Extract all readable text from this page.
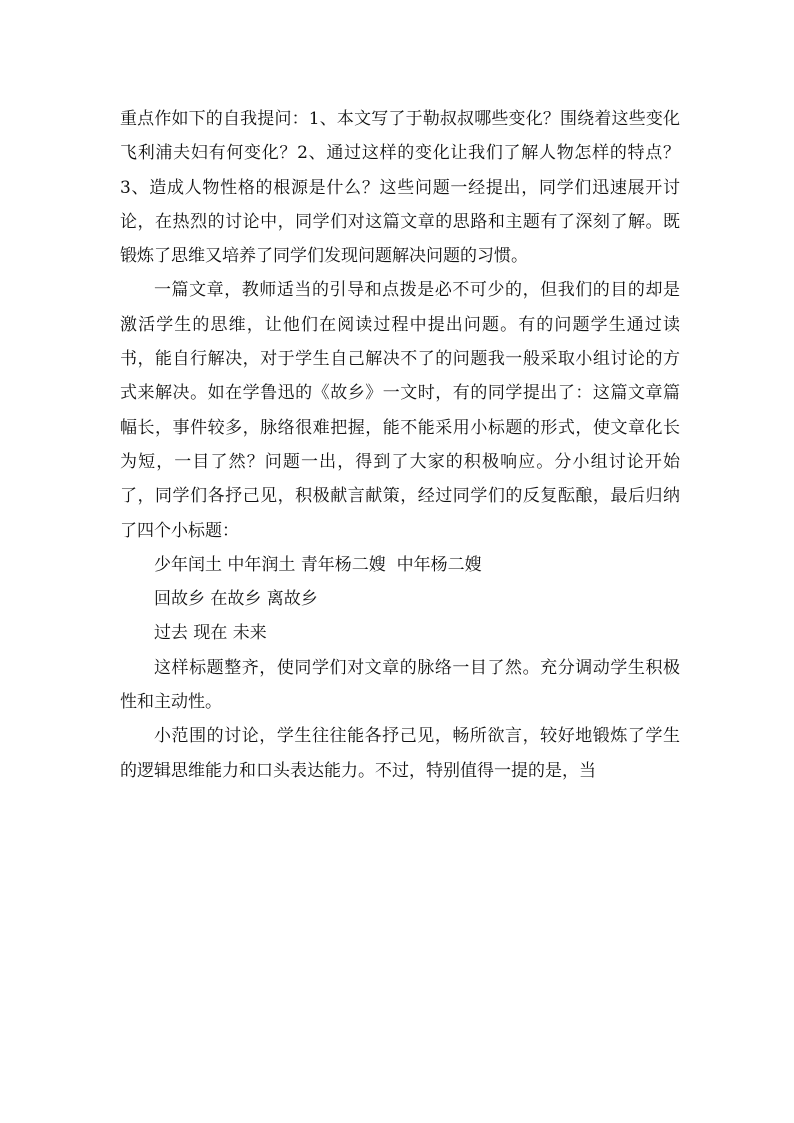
重点作如下的自我提问：1、本文写了于勒叔叔哪些变化？围绕着这些变化飞利浦夫妇有何变化？2、通过这样的变化让我们了解人物怎样的特点？3、造成人物性格的根源是什么？这些问题一经提出，同学们迅速展开讨论，在热烈的讨论中，同学们对这篇文章的思路和主题有了深刻了解。既锻炼了思维又培养了同学们发现问题解决问题的习惯。

一篇文章，教师适当的引导和点拨是必不可少的，但我们的目的却是激活学生的思维，让他们在阅读过程中提出问题。有的问题学生通过读书，能自行解决，对于学生自己解决不了的问题我一般采取小组讨论的方式来解决。如在学鲁迅的《故乡》一文时，有的同学提出了：这篇文章篇幅长，事件较多，脉络很难把握，能不能采用小标题的形式，使文章化长为短，一目了然？问题一出，得到了大家的积极响应。分小组讨论开始了，同学们各抒己见，积极献言献策，经过同学们的反复酝酿，最后归纳了四个小标题：

少年闰土 中年润土 青年杨二嫂  中年杨二嫂

回故乡 在故乡 离故乡

过去 现在 未来

这样标题整齐，使同学们对文章的脉络一目了然。充分调动学生积极性和主动性。

小范围的讨论，学生往往能各抒己见，畅所欲言，较好地锻炼了学生的逻辑思维能力和口头表达能力。不过，特别值得一提的是，当
